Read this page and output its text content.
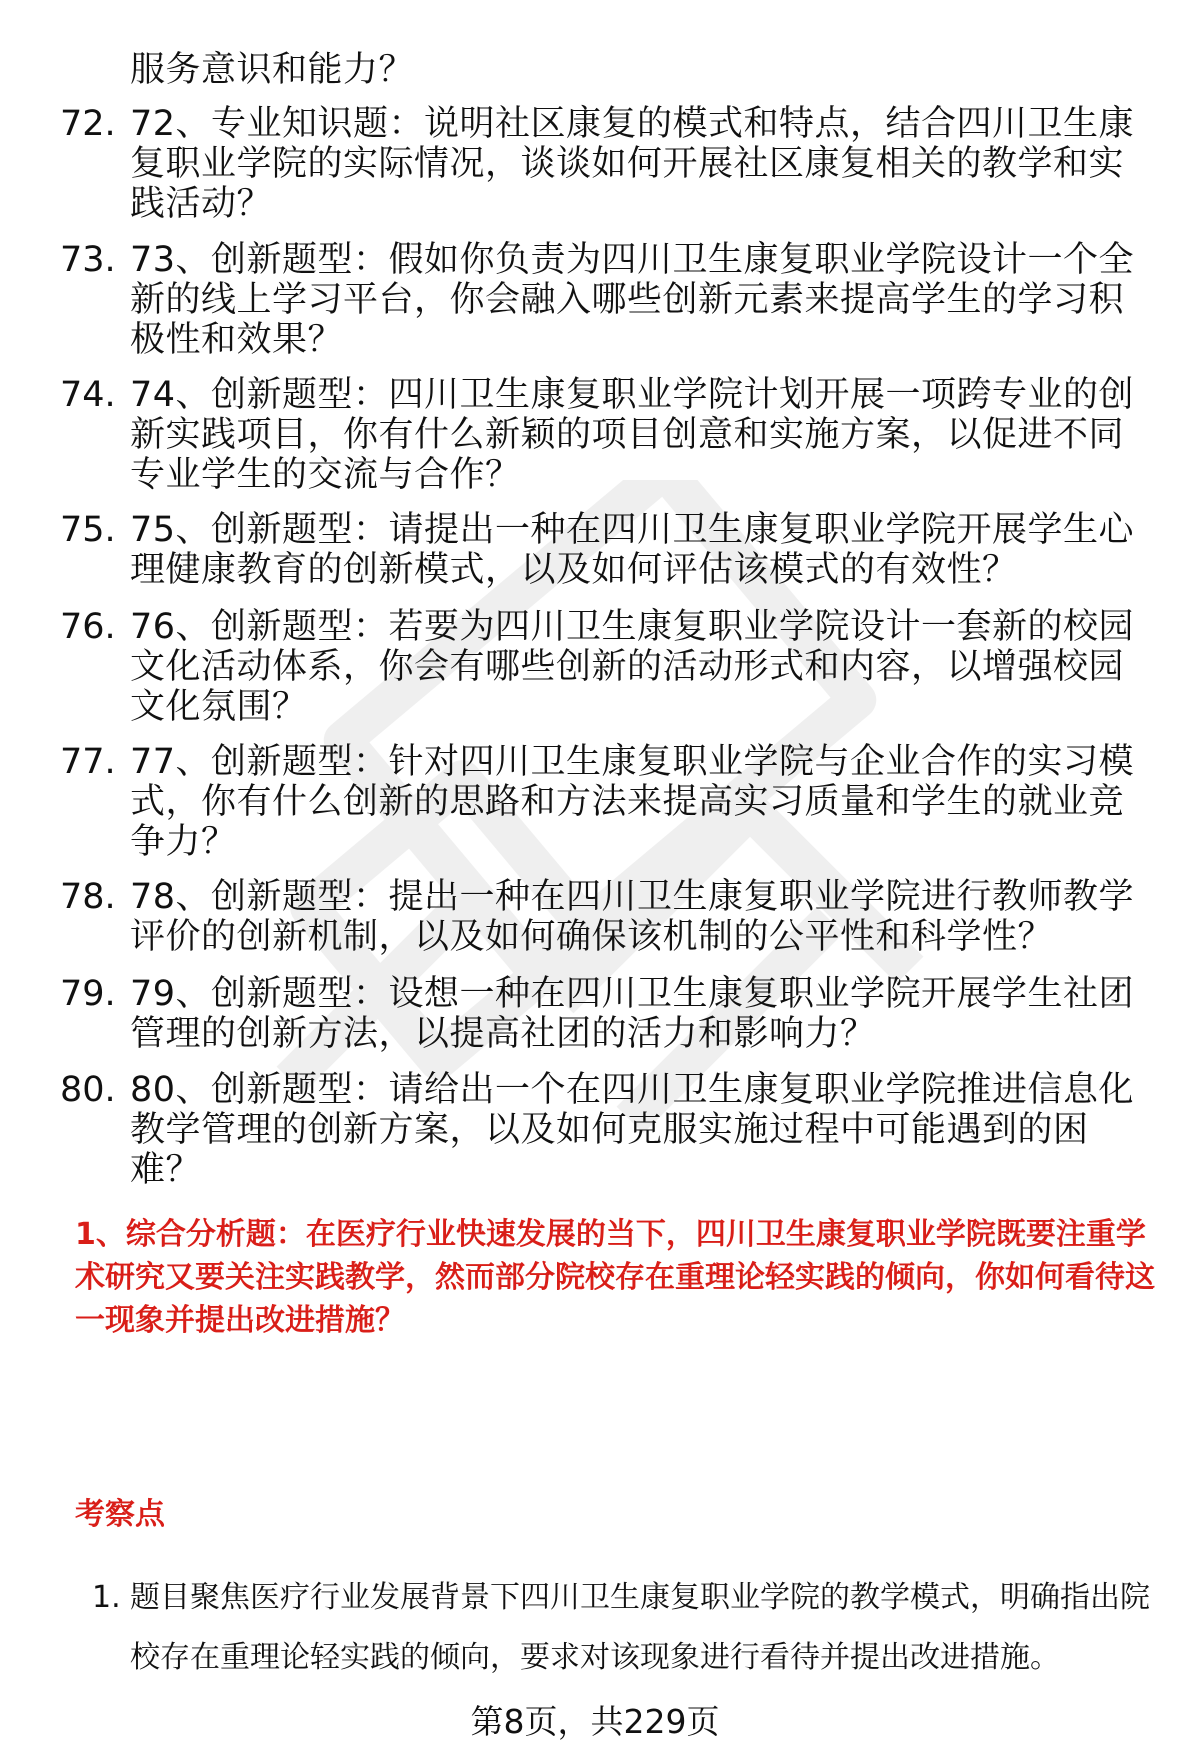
服务意识和能力？
72. 72、专业知识题：说明社区康复的模式和特点，结合四川卫生康
复职业学院的实际情况，谈谈如何开展社区康复相关的教学和实
践活动？
73. 73、创新题型：假如你负责为四川卫生康复职业学院设计一个全
新的线上学习平台，你会融入哪些创新元素来提高学生的学习积
极性和效果？
74. 74、创新题型：四川卫生康复职业学院计划开展一项跨专业的创
新实践项目，你有什么新颖的项目创意和实施方案，以促进不同
专业学生的交流与合作？
75. 75、创新题型：请提出一种在四川卫生康复职业学院开展学生心
理健康教育的创新模式，以及如何评估该模式的有效性？
76. 76、创新题型：若要为四川卫生康复职业学院设计一套新的校园
文化活动体系，你会有哪些创新的活动形式和内容，以增强校园
文化氛围？
77. 77、创新题型：针对四川卫生康复职业学院与企业合作的实习模
式，你有什么创新的思路和方法来提高实习质量和学生的就业竞
争力？
78. 78、创新题型：提出一种在四川卫生康复职业学院进行教师教学
评价的创新机制，以及如何确保该机制的公平性和科学性？
79. 79、创新题型：设想一种在四川卫生康复职业学院开展学生社团
管理的创新方法，以提高社团的活力和影响力？
80. 80、创新题型：请给出一个在四川卫生康复职业学院推进信息化
教学管理的创新方案，以及如何克服实施过程中可能遇到的困
难？
1、综合分析题：在医疗行业快速发展的当下，四川卫生康复职业学院既要注重学
术研究又要关注实践教学，然而部分院校存在重理论轻实践的倾向，你如何看待这
一现象并提出改进措施？
考察点
1. 题目聚焦医疗行业发展背景下四川卫生康复职业学院的教学模式，明确指出院
校存在重理论轻实践的倾向，要求对该现象进行看待并提出改进措施。
第8页，共229页
